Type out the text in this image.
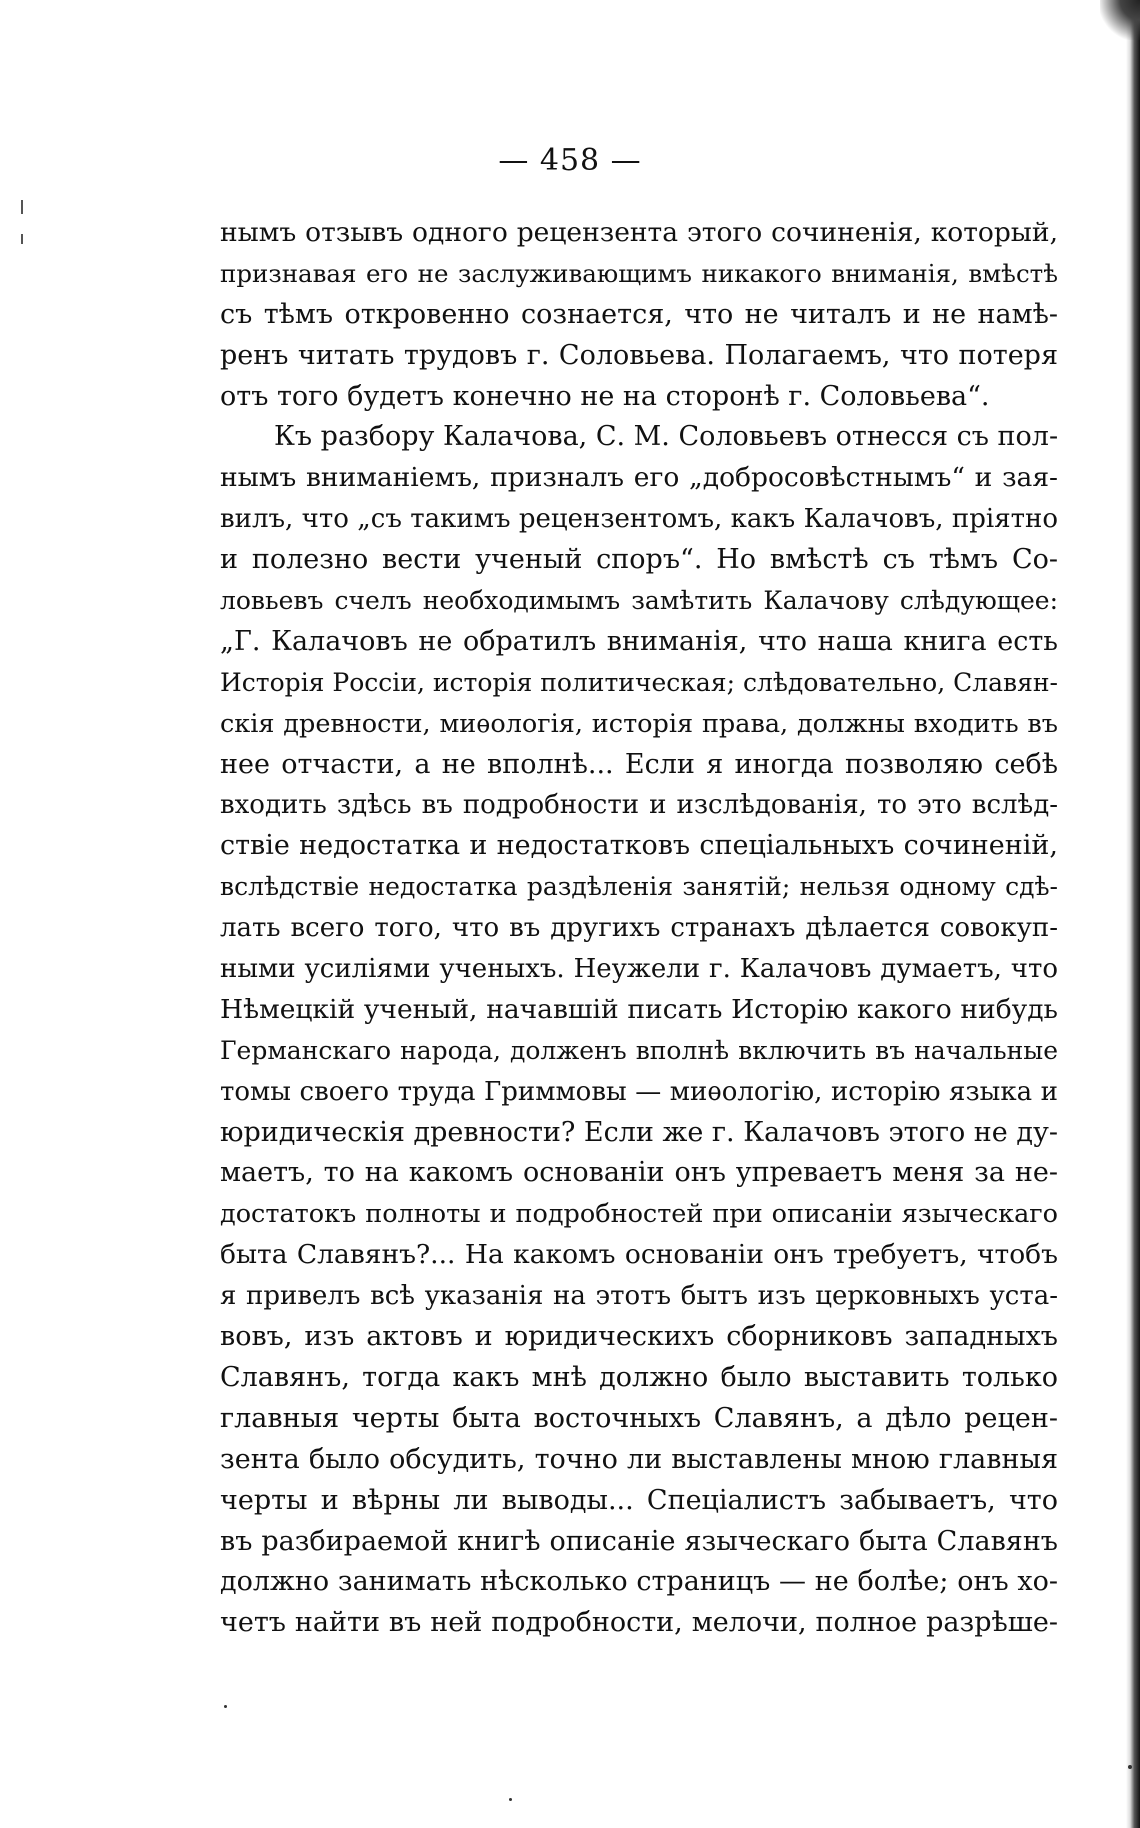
— 458 —
нымъ отзывъ одного рецензента этого сочиненія, который,
признавая его не заслуживающимъ никакого вниманія, вмѣстѣ
съ тѣмъ откровенно сознается, что не читалъ и не намѣ-
ренъ читать трудовъ г. Соловьева. Полагаемъ, что потеря
отъ того будетъ конечно не на сторонѣ г. Соловьева“.
Къ разбору Калачова, С. М. Соловьевъ отнесся съ пол-
нымъ вниманіемъ, призналъ его „добросовѣстнымъ“ и зая-
вилъ, что „съ такимъ рецензентомъ, какъ Калачовъ, пріятно
и полезно вести ученый споръ“. Но вмѣстѣ съ тѣмъ Со-
ловьевъ счелъ необходимымъ замѣтить Калачову слѣдующее:
„Г. Калачовъ не обратилъ вниманія, что наша книга есть
Исторія Россіи, исторія политическая; слѣдовательно, Славян-
скія древности, миѳологія, исторія права, должны входить въ
нее отчасти, а не вполнѣ... Если я иногда позволяю себѣ
входить здѣсь въ подробности и изслѣдованія, то это вслѣд-
ствіе недостатка и недостатковъ спеціальныхъ сочиненій,
вслѣдствіе недостатка раздѣленія занятій; нельзя одному сдѣ-
лать всего того, что въ другихъ странахъ дѣлается совокуп-
ными усиліями ученыхъ. Неужели г. Калачовъ думаетъ, что
Нѣмецкій ученый, начавшій писать Исторію какого нибудь
Германскаго народа, долженъ вполнѣ включить въ начальные
томы своего труда Гриммовы — миѳологію, исторію языка и
юридическія древности? Если же г. Калачовъ этого не ду-
маетъ, то на какомъ основаніи онъ упреваетъ меня за не-
достатокъ полноты и подробностей при описаніи языческаго
быта Славянъ?... На какомъ основаніи онъ требуетъ, чтобъ
я привелъ всѣ указанія на этотъ бытъ изъ церковныхъ уста-
вовъ, изъ актовъ и юридическихъ сборниковъ западныхъ
Славянъ, тогда какъ мнѣ должно было выставить только
главныя черты быта восточныхъ Славянъ, а дѣло рецен-
зента было обсудить, точно ли выставлены мною главныя
черты и вѣрны ли выводы... Спеціалистъ забываетъ, что
въ разбираемой книгѣ описаніе языческаго быта Славянъ
должно занимать нѣсколько страницъ — не болѣе; онъ хо-
четъ найти въ ней подробности, мелочи, полное разрѣше-
